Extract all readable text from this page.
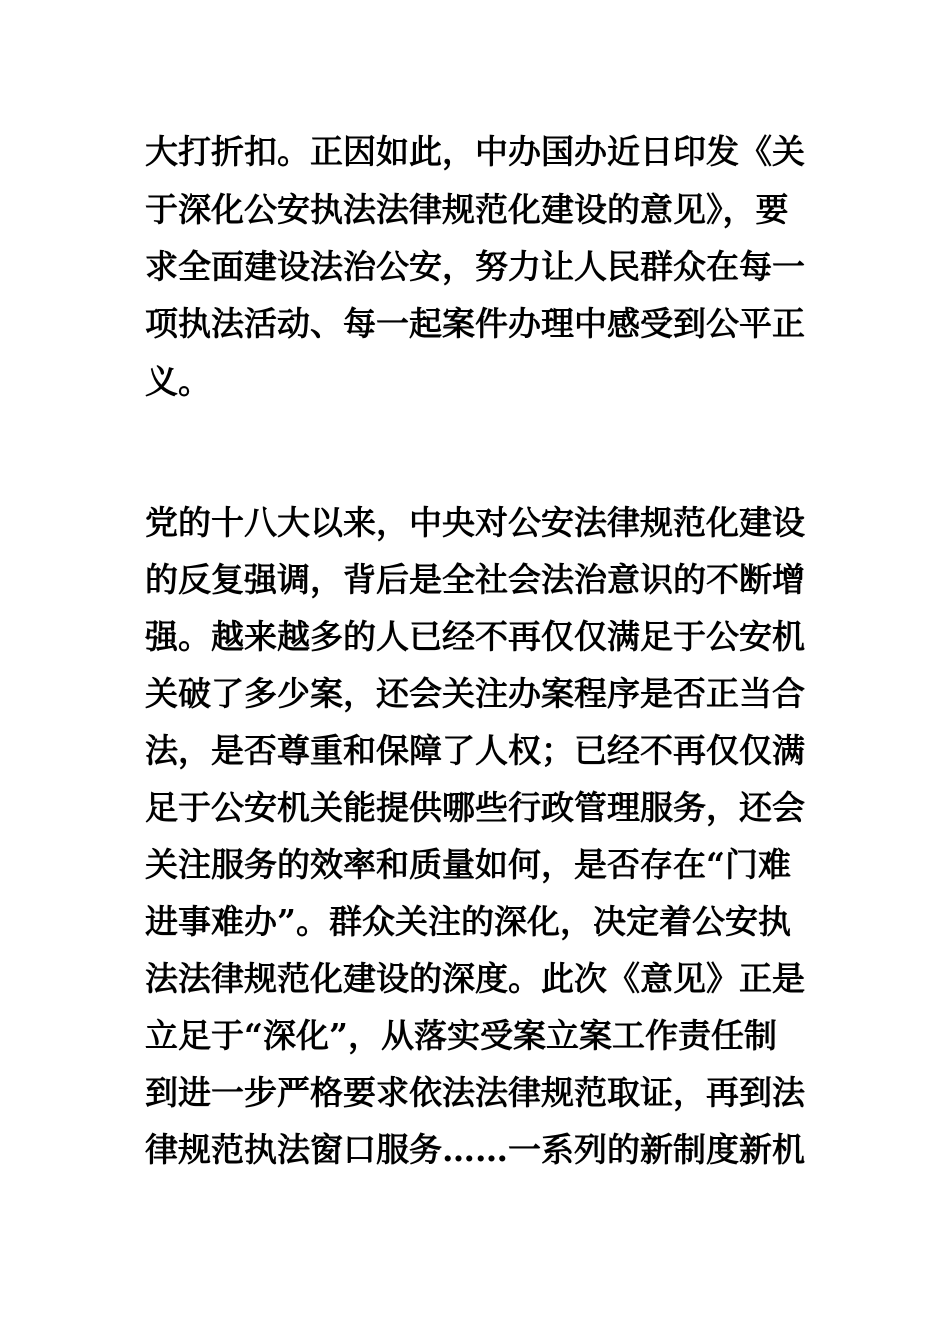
大打折扣。正因如此，中办国办近日印发《关
于深化公安执法法律规范化建设的意见》，要
求全面建设法治公安，努力让人民群众在每一
项执法活动、每一起案件办理中感受到公平正
义。
党的十八大以来，中央对公安法律规范化建设
的反复强调，背后是全社会法治意识的不断增
强。越来越多的人已经不再仅仅满足于公安机
关破了多少案，还会关注办案程序是否正当合
法，是否尊重和保障了人权；已经不再仅仅满
足于公安机关能提供哪些行政管理服务，还会
关注服务的效率和质量如何，是否存在“门难
进事难办”。群众关注的深化，决定着公安执
法法律规范化建设的深度。此次《意见》正是
立足于“深化”，从落实受案立案工作责任制
到进一步严格要求依法法律规范取证，再到法
律规范执法窗口服务……一系列的新制度新机
